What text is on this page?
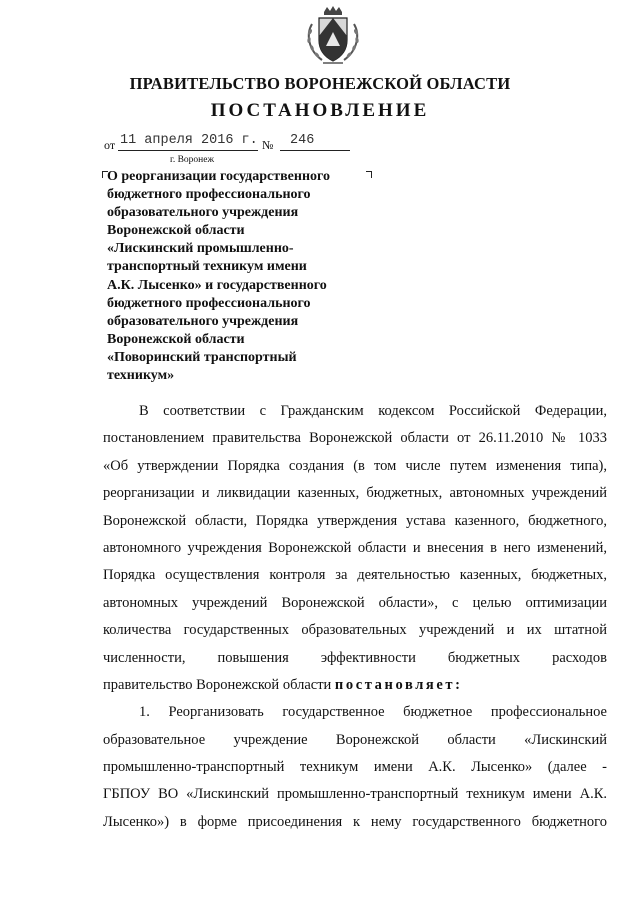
ПРАВИТЕЛЬСТВО ВОРОНЕЖСКОЙ ОБЛАСТИ
ПОСТАНОВЛЕНИЕ
от 11 апреля 2016 г. № 246
г. Воронеж
О реорганизации государственного
бюджетного профессионального
образовательного учреждения
Воронежской области
«Лискинский промышленно-
транспортный техникум имени
А.К. Лысенко» и государственного
бюджетного профессионального
образовательного учреждения
Воронежской области
«Поворинский транспортный
техникум»
В соответствии с Гражданским кодексом Российской Федерации,
постановлением правительства Воронежской области от 26.11.2010 № 1033
«Об утверждении Порядка создания (в том числе путем изменения типа),
реорганизации и ликвидации казенных, бюджетных, автономных учреждений
Воронежской области, Порядка утверждения устава казенного, бюджетного,
автономного учреждения Воронежской области и внесения в него изменений,
Порядка осуществления контроля за деятельностью казенных, бюджетных,
автономных учреждений Воронежской области», с целью оптимизации
количества государственных образовательных учреждений и их штатной
численности, повышения эффективности бюджетных расходов
правительство Воронежской области постановляет:
1. Реорганизовать государственное бюджетное профессиональное
образовательное учреждение Воронежской области «Лискинский
промышленно-транспортный техникум имени А.К. Лысенко» (далее -
ГБПОУ ВО «Лискинский промышленно-транспортный техникум имени А.К.
Лысенко») в форме присоединения к нему государственного бюджетного
